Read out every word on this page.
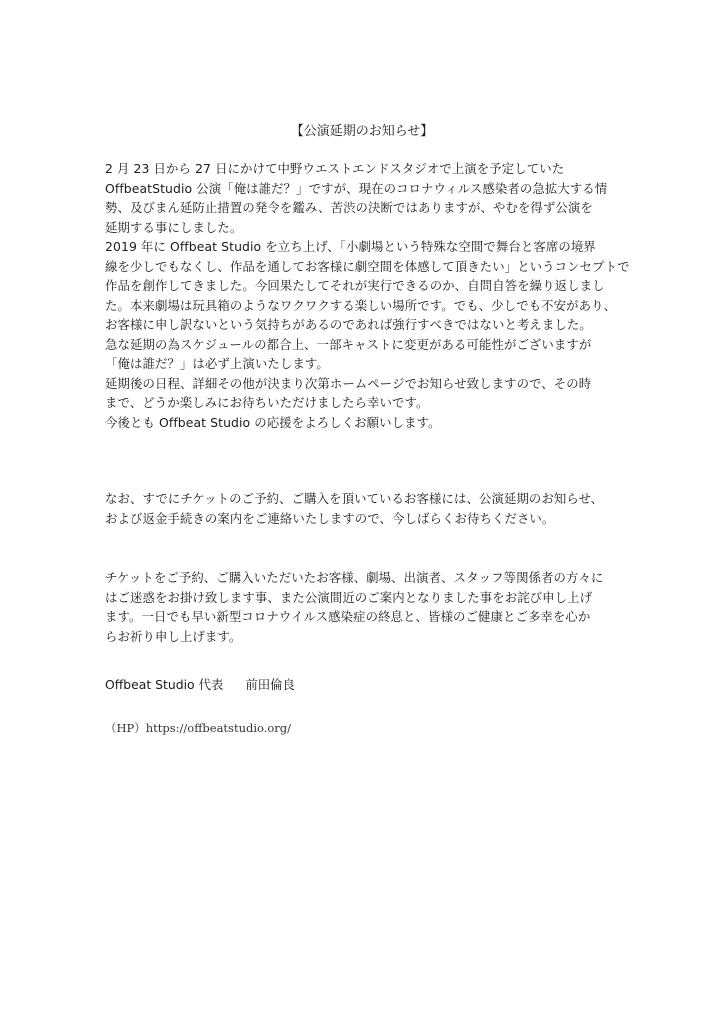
【公演延期のお知らせ】
2 月 23 日から 27 日にかけて中野ウエストエンドスタジオで上演を予定していた
OffbeatStudio 公演「俺は誰だ？」ですが、現在のコロナウィルス感染者の急拡大する情
勢、及びまん延防止措置の発令を鑑み、苦渋の決断ではありますが、やむを得ず公演を
延期する事にしました。
2019 年に Offbeat Studio を立ち上げ、「小劇場という特殊な空間で舞台と客席の境界
線を少しでもなくし、作品を通してお客様に劇空間を体感して頂きたい」というコンセプトで
作品を創作してきました。今回果たしてそれが実行できるのか、自問自答を繰り返しまし
た。本来劇場は玩具箱のようなワクワクする楽しい場所です。でも、少しでも不安があり、
お客様に申し訳ないという気持ちがあるのであれば強行すべきではないと考えました。
急な延期の為スケジュールの都合上、一部キャストに変更がある可能性がございますが
「俺は誰だ？」は必ず上演いたします。
延期後の日程、詳細その他が決まり次第ホームページでお知らせ致しますので、その時
まで、どうか楽しみにお待ちいただけましたら幸いです。
今後とも Offbeat Studio の応援をよろしくお願いします。
なお、すでにチケットのご予約、ご購入を頂いているお客様には、公演延期のお知らせ、
および返金手続きの案内をご連絡いたしますので、今しばらくお待ちください。
チケットをご予約、ご購入いただいたお客様、劇場、出演者、スタッフ等関係者の方々に
はご迷惑をお掛け致します事、また公演間近のご案内となりました事をお詫び申し上げ
ます。一日でも早い新型コロナウイルス感染症の終息と、皆様のご健康とご多幸を心か
らお祈り申し上げます。
Offbeat Studio 代表 前田倫良
（HP）https://offbeatstudio.org/
